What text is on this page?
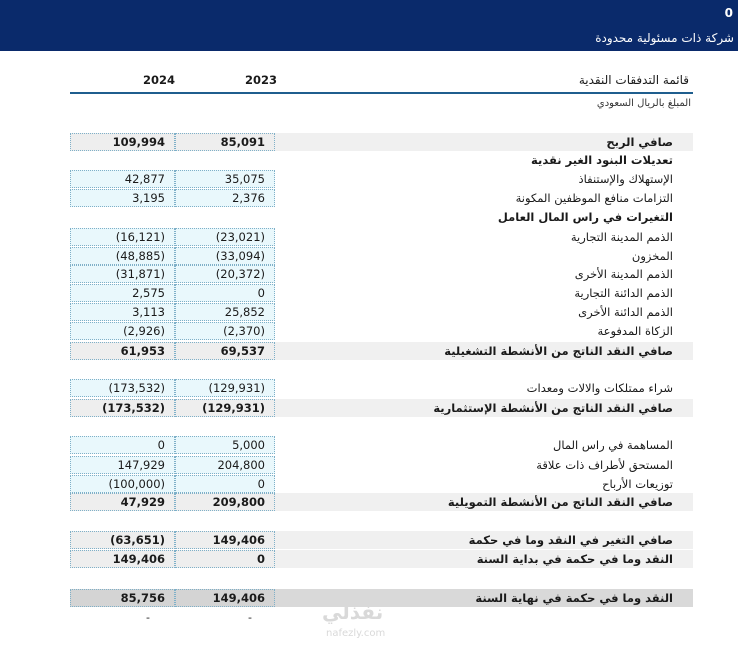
0
شركة ذات مسئولية محدودة
2024	2023	قائمة التدفقات النقدية
المبلغ بالريال السعودي
109,994	85,091	صافي الربح
تعديلات البنود الغير نقدية
42,877	35,075	الإستهلاك والإستنفاذ
3,195	2,376	التزامات منافع الموظفين المكونة
التغيرات في راس المال العامل
(16,121)	(23,021)	الذمم المدينة التجارية
(48,885)	(33,094)	المخزون
(31,871)	(20,372)	الذمم المدينة الأخرى
2,575	0	الذمم الدائنة التجارية
3,113	25,852	الذمم الدائنة الأخرى
(2,926)	(2,370)	الزكاة المدفوعة
61,953	69,537	صافي النقد الناتج من الأنشطة التشغيلية
(173,532)	(129,931)	شراء ممتلكات والالات ومعدات
(173,532)	(129,931)	صافي النقد الناتج من الأنشطة الإستثمارية
0	5,000	المساهمة في راس المال
147,929	204,800	المستحق لأطراف ذات علاقة
(100,000)	0	توزيعات الأرباح
47,929	209,800	صافي النقد الناتج من الأنشطة التمويلية
(63,651)	149,406	صافي التغير في النقد وما في حكمة
149,406	0	النقد وما في حكمة في بداية السنة
85,756	149,406	النقد وما في حكمة في نهاية السنة
-	-	نفذلي
nafezly.com
